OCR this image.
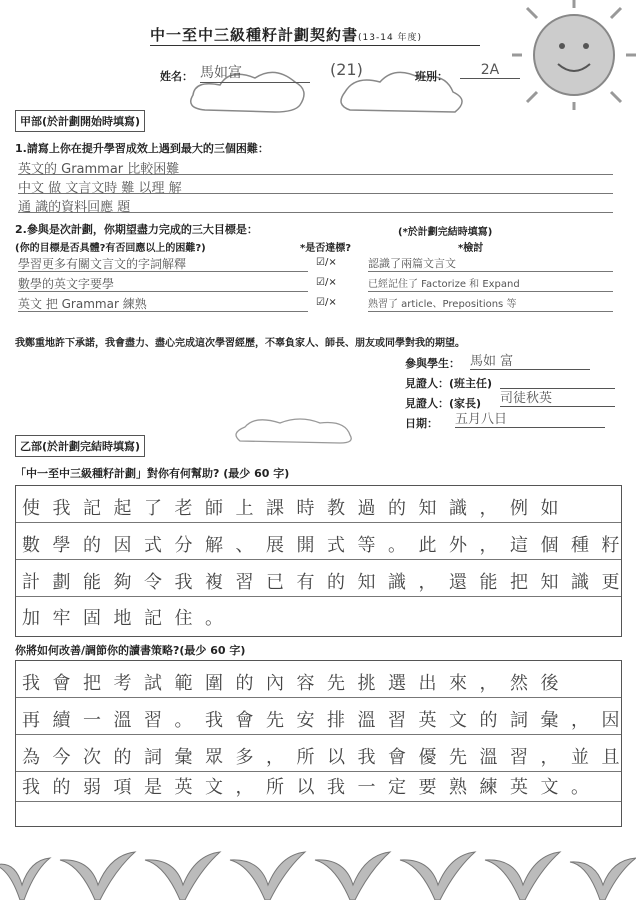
中一至中三級種籽計劃契約書(13-14 年度)
姓名： 馬如富	(21)	班別：	2A
甲部(於計劃開始時填寫)
1.請寫上你在提升學習成效上遇到最大的三個困難：
英文的 Grammar 比較困難
中文 做 文言文時 難 以理 解
通 識的資料回應 題
2.參與是次計劃，你期望盡力完成的三大目標是：	(*於計劃完結時填寫)
(你的目標是否具體?有否回應以上的困難?)	*是否達標?	*檢討
學習更多有關文言文的字詞解釋	☑/×	認識了兩篇文言文
數學的英文字要學	☑/×	已經記住了 Factorize 和 Expand
英文 把 Grammar 練熟	☑/×	熟習了 article、Prepositions 等
我鄭重地許下承諾，我會盡力、盡心完成這次學習經歷，不辜負家人、師長、朋友或同學對我的期望。
參與學生： 馬如 富
見證人：(班主任)
見證人：(家長) 司徒秋英
日期： 五月八日
乙部(於計劃完結時填寫)
「中一至中三級種籽計劃」對你有何幫助? (最少 60 字)
使我記起了老師上課時教過的知識，例如
數學的因式分解、展開式等。此外，這個種籽
計劃能夠令我複習已有的知識，還能把知識更
加牢固地記住。
你將如何改善/調節你的讀書策略?(最少 60 字)
我會把考試範圍的內容先挑選出來，然後
再續一溫習。我會先安排溫習英文的詞彙，因
為今次的詞彙眾多，所以我會優先溫習，並且
我的弱項是英文，所以我一定要熟練英文。
